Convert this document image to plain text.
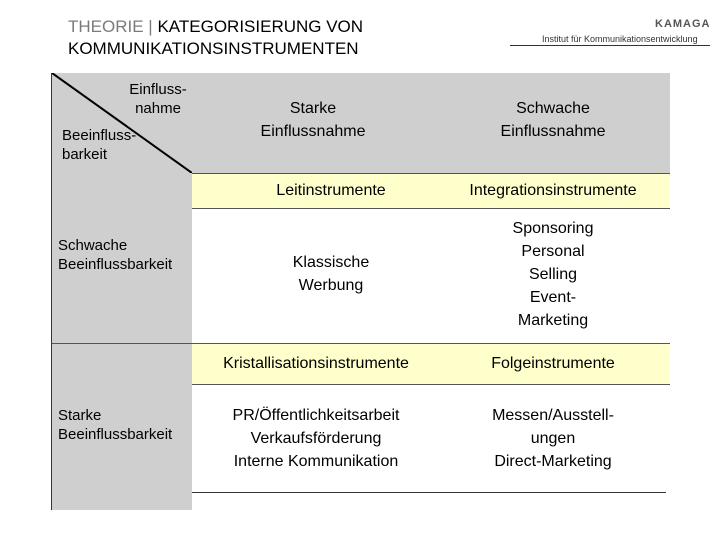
THEORIE | KATEGORISIERUNG VON
KOMMUNIKATIONSINSTRUMENTEN
KAMAGA
Institut für Kommunikationsentwicklung
Einfluss-
nahme
Beeinfluss-
barkeit
Starke
Einflussnahme
Schwache
Einflussnahme
Schwache
Beeinflussbarkeit
Starke
Beeinflussbarkeit
Leitinstrumente	Integrationsinstrumente
Kristallisationsinstrumente	Folgeinstrumente
Klassische
Werbung
Sponsoring
Personal
Selling
Event-
Marketing
PR/Öffentlichkeitsarbeit
Verkaufsförderung
Interne Kommunikation
Messen/Ausstell-
ungen
Direct-Marketing
